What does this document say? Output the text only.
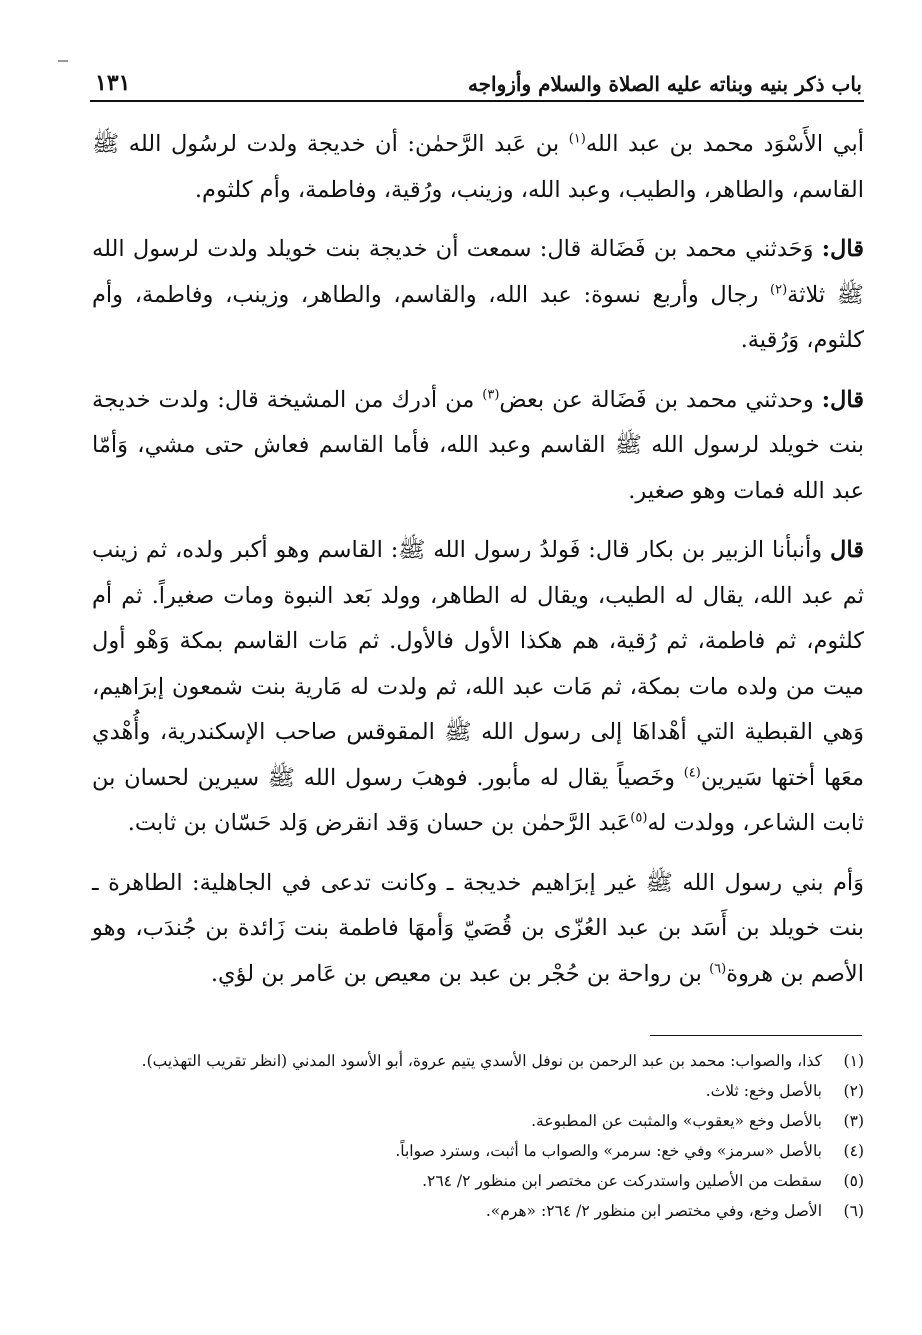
باب ذكر بنيه وبناته عليه الصلاة والسلام وأزواجه
١٣١

أبي الأَسْوَد محمد بن عبد الله$^{(١)}$ بن عَبد الرَّحمٰن: أن خديجة ولدت لرسُول الله ﷺ القاسم، والطاهر، والطيب، وعبد الله، وزينب، ورُقية، وفاطمة، وأم كلثوم.

قال: وَحَدثني محمد بن فَضَالة قال: سمعت أن خديجة بنت خويلد ولدت لرسول الله ﷺ ثلاثة$^{(٢)}$ رجال وأربع نسوة: عبد الله، والقاسم، والطاهر، وزينب، وفاطمة، وأم كلثوم، وَرُقية.

قال: وحدثني محمد بن فَضَالة عن بعض$^{(٣)}$ من أدرك من المشيخة قال: ولدت خديجة بنت خويلد لرسول الله ﷺ القاسم وعبد الله، فأما القاسم فعاش حتى مشي، وَأمّا عبد الله فمات وهو صغير.

قال وأنبأنا الزبير بن بكار قال: فَولدُ رسول الله ﷺ: القاسم وهو أكبر ولده، ثم زينب ثم عبد الله، يقال له الطيب، ويقال له الطاهر، وولد بَعد النبوة ومات صغيراً. ثم أم كلثوم، ثم فاطمة، ثم رُقية، هم هكذا الأول فالأول. ثم مَات القاسم بمكة وَهْو أول ميت من ولده مات بمكة، ثم مَات عبد الله، ثم ولدت له مَارية بنت شمعون إبرَاهيم، وَهي القبطية التي أهْداهَا إلى رسول الله ﷺ المقوقس صاحب الإسكندرية، وأُهْدي معَها أختها سَيرين$^{(٤)}$ وخَصياً يقال له مأبور. فوهبَ رسول الله ﷺ سيرين لحسان بن ثابت الشاعر، وولدت له$^{(٥)}$عَبد الرَّحمٰن بن حسان وَقد انقرض وَلد حَسّان بن ثابت.

وَأم بني رسول الله ﷺ غير إبرَاهيم خديجة ـ وكانت تدعى في الجاهلية: الطاهرة ـ بنت خويلد بن أَسَد بن عبد العُزّى بن قُصَيّ وَأمهَا فاطمة بنت زَائدة بن جُندَب، وهو الأصم بن هروة$^{(٦)}$ بن رواحة بن حُجْر بن عبد بن معيص بن عَامر بن لؤي.

(١)
كذا، والصواب: محمد بن عبد الرحمن بن نوفل الأسدي يتيم عروة، أبو الأسود المدني (انظر تقريب التهذيب).
(٢)
بالأصل وخع: ثلاث.
(٣)
بالأصل وخع «يعقوب» والمثبت عن المطبوعة.
(٤)
بالأصل «سرمز» وفي خع: سرمر» والصواب ما أثبت، وسترد صواباً.
(٥)
سقطت من الأصلين واستدركت عن مختصر ابن منظور ٢/ ٢٦٤.
(٦)
الأصل وخع، وفي مختصر ابن منظور ٢/ ٢٦٤: «هرم».
